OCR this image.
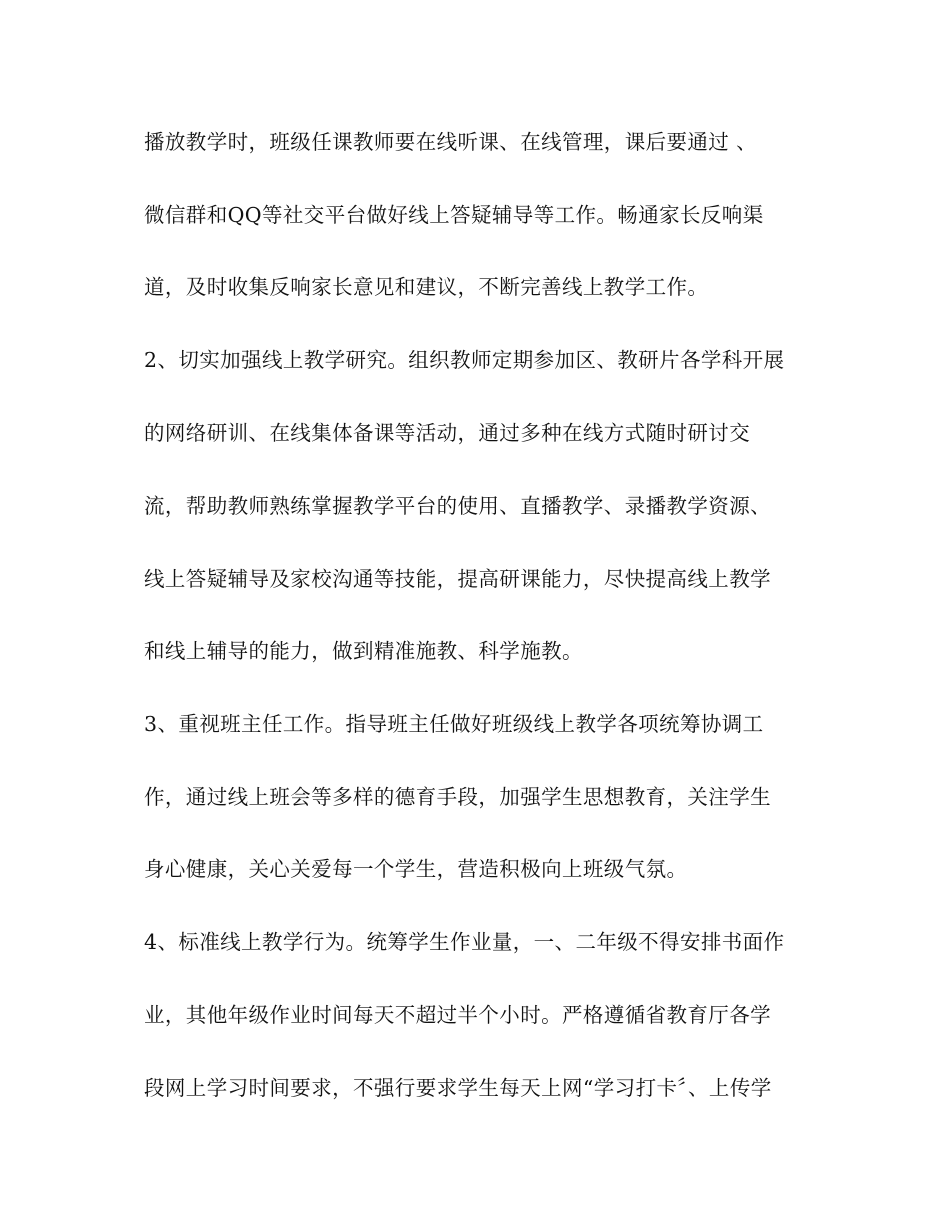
播放教学时，班级任课教师要在线听课、在线管理，课后要通过 、
微信群和QQ等社交平台做好线上答疑辅导等工作。畅通家长反响渠
道，及时收集反响家长意见和建议，不断完善线上教学工作。
2、切实加强线上教学研究。组织教师定期参加区、教研片各学科开展
的网络研训、在线集体备课等活动，通过多种在线方式随时研讨交
流，帮助教师熟练掌握教学平台的使用、直播教学、录播教学资源、
线上答疑辅导及家校沟通等技能，提高研课能力，尽快提高线上教学
和线上辅导的能力，做到精准施教、科学施教。
3、重视班主任工作。指导班主任做好班级线上教学各项统筹协调工
作，通过线上班会等多样的德育手段，加强学生思想教育，关注学生
身心健康，关心关爱每一个学生，营造积极向上班级气氛。
4、标准线上教学行为。统筹学生作业量，一、二年级不得安排书面作
业，其他年级作业时间每天不超过半个小时。严格遵循省教育厅各学
段网上学习时间要求，不强行要求学生每天上网“学习打卡〞、上传学
